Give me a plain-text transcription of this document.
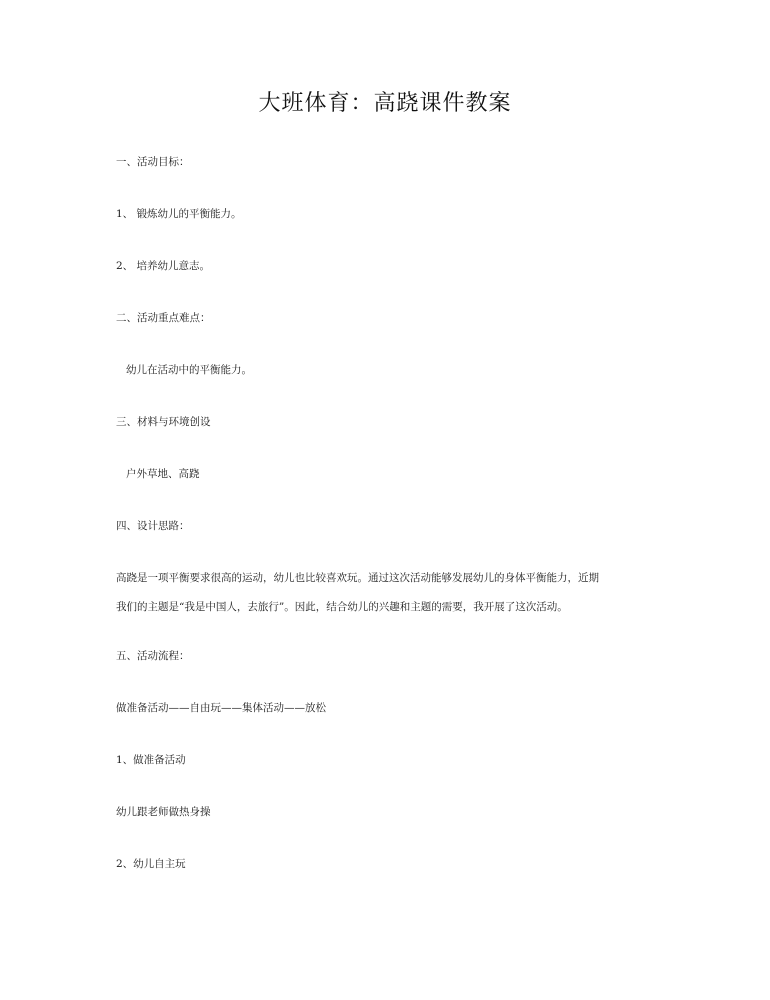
大班体育：高跷课件教案
一、活动目标：
1、 锻炼幼儿的平衡能力。
2、 培养幼儿意志。
二、活动重点难点：
幼儿在活动中的平衡能力。
三、材料与环境创设
户外草地、高跷
四、设计思路：
高跷是一项平衡要求很高的运动，幼儿也比较喜欢玩。通过这次活动能够发展幼儿的身体平衡能力，近期
我们的主题是“我是中国人，去旅行”。因此，结合幼儿的兴趣和主题的需要，我开展了这次活动。
五、活动流程：
做准备活动——自由玩——集体活动——放松
1、做准备活动
幼儿跟老师做热身操
2、幼儿自主玩
